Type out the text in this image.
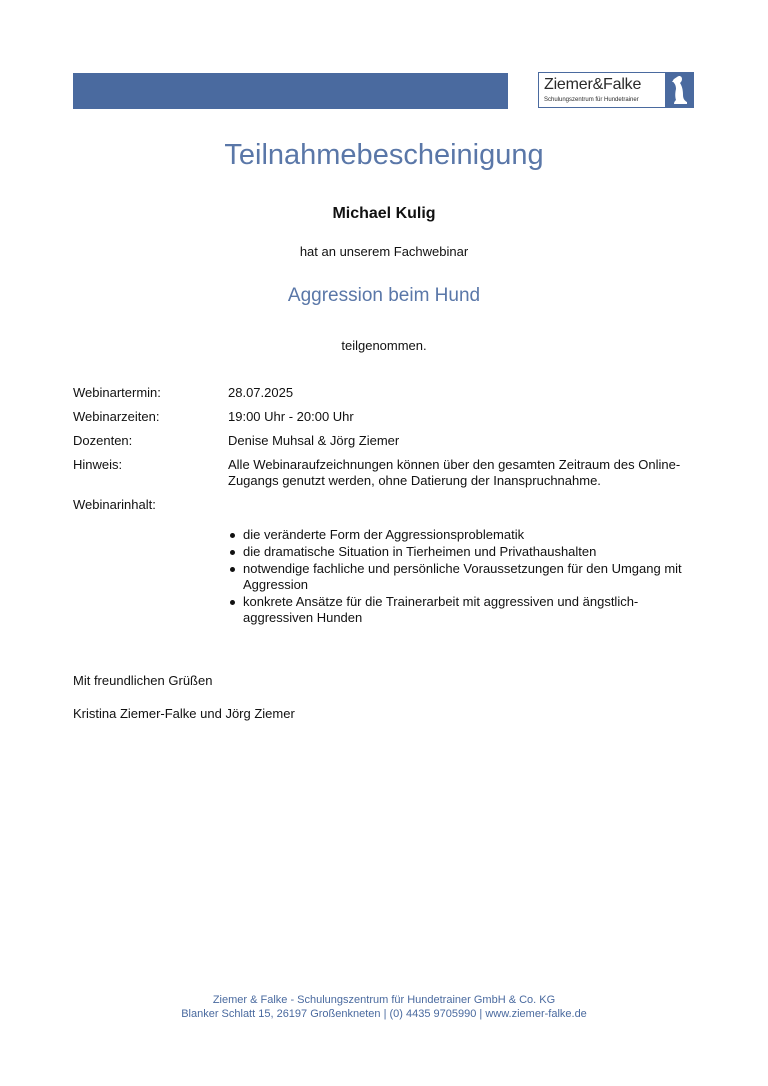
Ziemer&Falke
Schulungszentrum für Hundetrainer
Teilnahmebescheinigung
Michael Kulig
hat an unserem Fachwebinar
Aggression beim Hund
teilgenommen.
Webinartermin:	28.07.2025
Webinarzeiten:	19:00 Uhr - 20:00 Uhr
Dozenten:	Denise Muhsal & Jörg Ziemer
Hinweis:	Alle Webinaraufzeichnungen können über den gesamten Zeitraum des Online-
Zugangs genutzt werden, ohne Datierung der Inanspruchnahme.
Webinarinhalt:
die veränderte Form der Aggressionsproblematik
die dramatische Situation in Tierheimen und Privathaushalten
notwendige fachliche und persönliche Voraussetzungen für den Umgang mit
Aggression
konkrete Ansätze für die Trainerarbeit mit aggressiven und ängstlich-
aggressiven Hunden
Mit freundlichen Grüßen
Kristina Ziemer-Falke und Jörg Ziemer
Ziemer & Falke - Schulungszentrum für Hundetrainer GmbH & Co. KG
Blanker Schlatt 15, 26197 Großenkneten | (0) 4435 9705990 | www.ziemer-falke.de
